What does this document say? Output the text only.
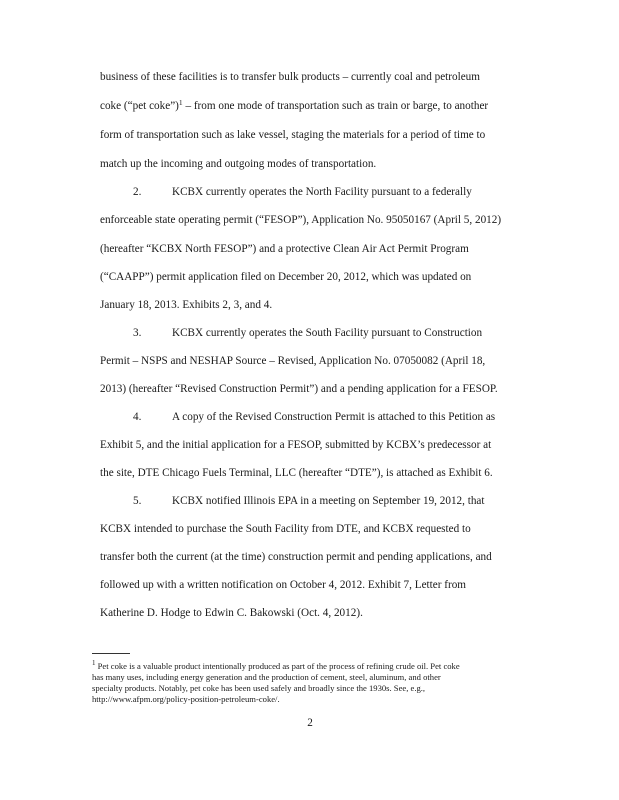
business of these facilities is to transfer bulk products – currently coal and petroleum
coke (“pet coke”)$^1$ – from one mode of transportation such as train or barge, to another
form of transportation such as lake vessel, staging the materials for a period of time to
match up the incoming and outgoing modes of transportation.
2.	KCBX currently operates the North Facility pursuant to a federally
enforceable state operating permit (“FESOP”), Application No. 95050167 (April 5, 2012)
(hereafter “KCBX North FESOP”) and a protective Clean Air Act Permit Program
(“CAAPP”) permit application filed on December 20, 2012, which was updated on
January 18, 2013. Exhibits 2, 3, and 4.
3.	KCBX currently operates the South Facility pursuant to Construction
Permit – NSPS and NESHAP Source – Revised, Application No. 07050082 (April 18,
2013) (hereafter “Revised Construction Permit”) and a pending application for a FESOP.
4.	A copy of the Revised Construction Permit is attached to this Petition as
Exhibit 5, and the initial application for a FESOP, submitted by KCBX’s predecessor at
the site, DTE Chicago Fuels Terminal, LLC (hereafter “DTE”), is attached as Exhibit 6.
5.	KCBX notified Illinois EPA in a meeting on September 19, 2012, that
KCBX intended to purchase the South Facility from DTE, and KCBX requested to
transfer both the current (at the time) construction permit and pending applications, and
followed up with a written notification on October 4, 2012. Exhibit 7, Letter from
Katherine D. Hodge to Edwin C. Bakowski (Oct. 4, 2012).
$^1$ Pet coke is a valuable product intentionally produced as part of the process of refining crude oil. Pet coke
has many uses, including energy generation and the production of cement, steel, aluminum, and other
specialty products. Notably, pet coke has been used safely and broadly since the 1930s. See, e.g.,
http://www.afpm.org/policy-position-petroleum-coke/.
2
